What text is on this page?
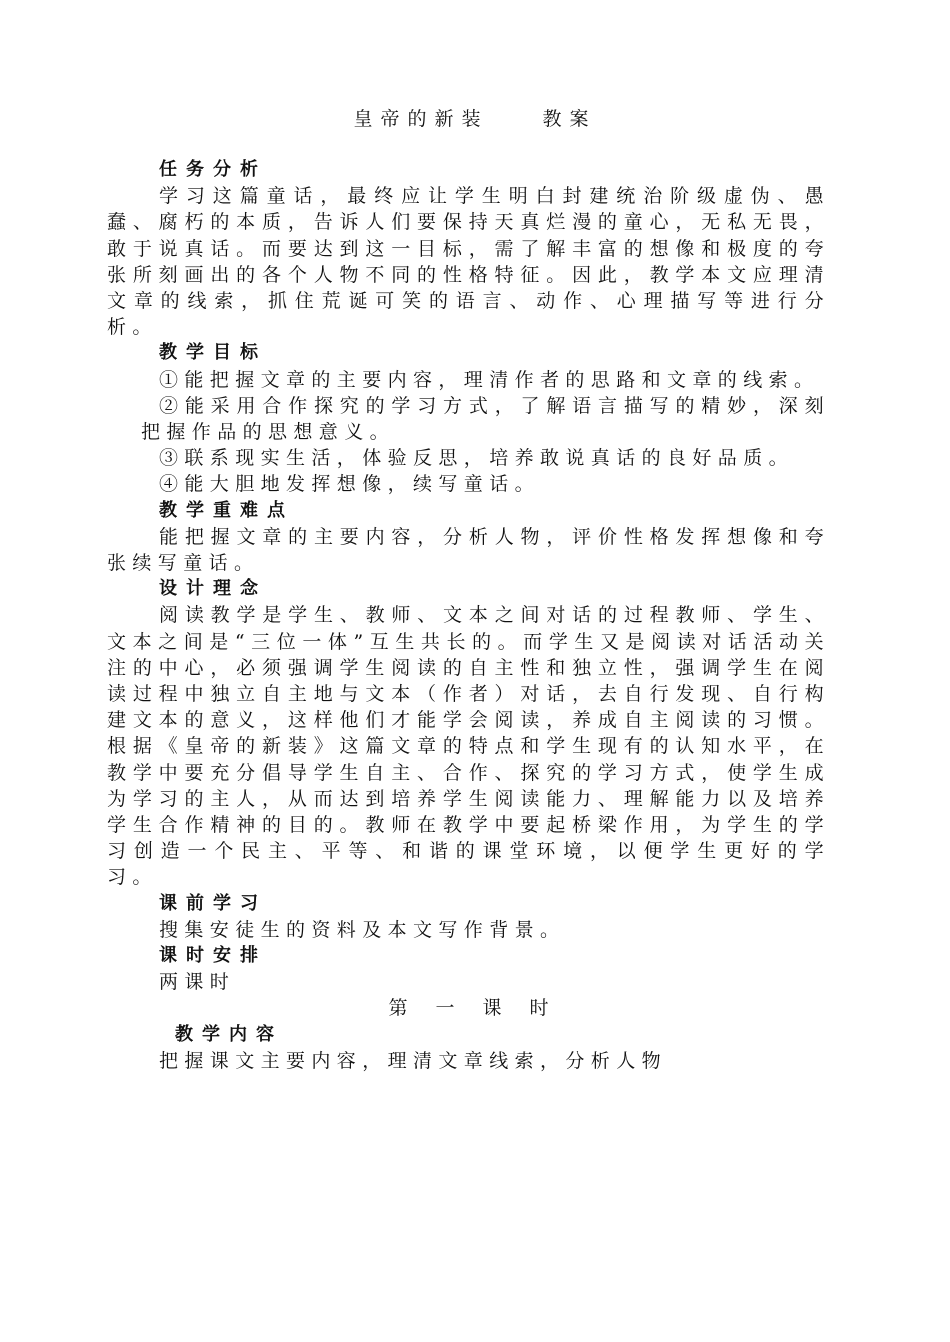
皇帝的新装　　教案
任务分析
学习这篇童话，最终应让学生明白封建统治阶级虚伪、愚蠢、腐朽的本质，告诉人们要保持天真烂漫的童心，无私无畏，敢于说真话。而要达到这一目标，需了解丰富的想像和极度的夸张所刻画出的各个人物不同的性格特征。因此，教学本文应理清文章的线索，抓住荒诞可笑的语言、动作、心理描写等进行分析。
教学目标
①能把握文章的主要内容，理清作者的思路和文章的线索。
②能采用合作探究的学习方式，了解语言描写的精妙，深刻把握作品的思想意义。
③联系现实生活，体验反思，培养敢说真话的良好品质。
④能大胆地发挥想像，续写童话。
教学重难点
能把握文章的主要内容，分析人物，评价性格发挥想像和夸张续写童话。
设计理念
阅读教学是学生、教师、文本之间对话的过程教师、学生、文本之间是“三位一体”互生共长的。而学生又是阅读对话活动关注的中心，必须强调学生阅读的自主性和独立性，强调学生在阅读过程中独立自主地与文本（作者）对话，去自行发现、自行构建文本的意义，这样他们才能学会阅读，养成自主阅读的习惯。根据《皇帝的新装》这篇文章的特点和学生现有的认知水平，在教学中要充分倡导学生自主、合作、探究的学习方式，使学生成为学习的主人，从而达到培养学生阅读能力、理解能力以及培养学生合作精神的目的。教师在教学中要起桥梁作用，为学生的学习创造一个民主、平等、和谐的课堂环境，以便学生更好的学习。
课前学习
搜集安徒生的资料及本文写作背景。
课时安排
两课时
第一课时
教学内容
把握课文主要内容，理清文章线索，分析人物
